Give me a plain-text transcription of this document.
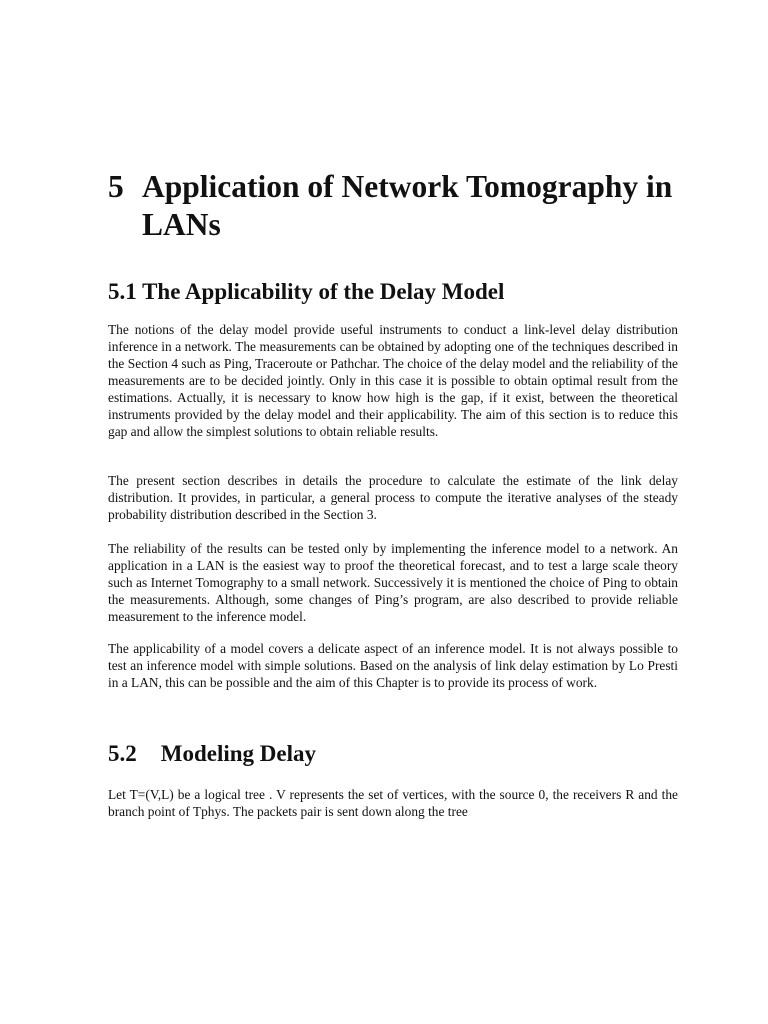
5 Application of Network Tomography in LANs
5.1 The Applicability of the Delay Model

The notions of the delay model provide useful instruments to conduct a link-level delay distribution inference in a network. The measurements can be obtained by adopting one of the techniques described in the Section 4 such as Ping, Traceroute or Pathchar. The choice of the delay model and the reliability of the measurements are to be decided jointly. Only in this case it is possible to obtain optimal result from the estimations. Actually, it is necessary to know how high is the gap, if it exist, between the theoretical instruments provided by the delay model and their applicability. The aim of this section is to reduce this gap and allow the simplest solutions to obtain reliable results.

The present section describes in details the procedure to calculate the estimate of the link delay distribution. It provides, in particular, a general process to compute the iterative analyses of the steady probability distribution described in the Section 3.

The reliability of the results can be tested only by implementing the inference model to a network. An application in a LAN is the easiest way to proof the theoretical forecast, and to test a large scale theory such as Internet Tomography to a small network. Successively it is mentioned the choice of Ping to obtain the measurements. Although, some changes of Ping’s program, are also described to provide reliable measurement to the inference model.

The applicability of a model covers a delicate aspect of an inference model. It is not always possible to test an inference model with simple solutions. Based on the analysis of link delay estimation by Lo Presti in a LAN, this can be possible and the aim of this Chapter is to provide its process of work.

5.2 Modeling Delay

Let T=(V,L) be a logical tree . V represents the set of vertices, with the source 0, the receivers R and the branch point of Tphys. The packets pair is sent down along the tree
